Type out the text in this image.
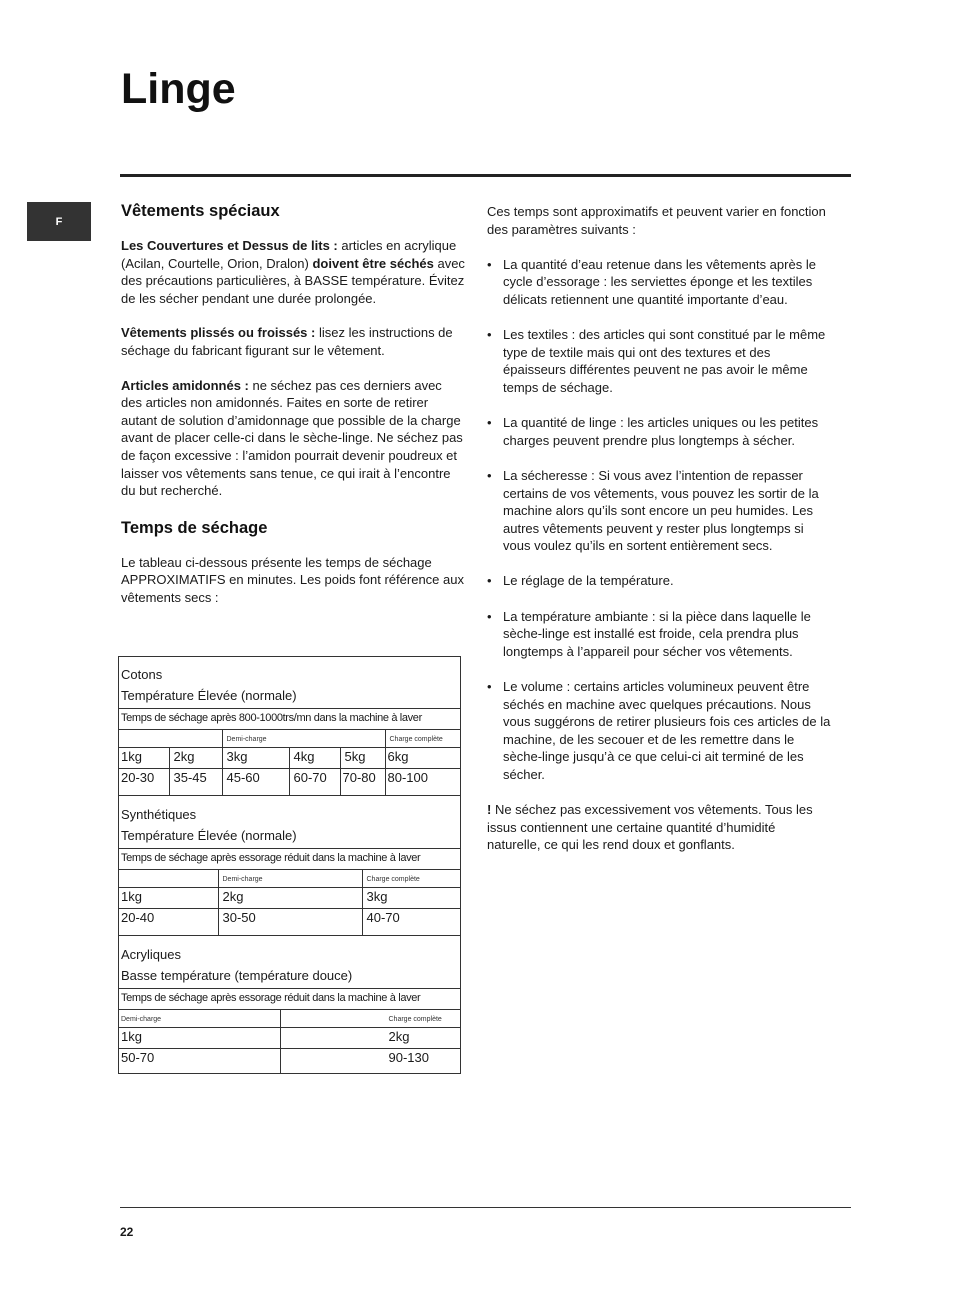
Linge
F
Vêtements spéciaux

Les Couvertures et Dessus de lits : articles en acrylique (Acilan, Courtelle, Orion, Dralon) doivent être séchés avec des précautions particulières, à BASSE température. Évitez de les sécher pendant une durée prolongée.

Vêtements plissés ou froissés : lisez les instructions de séchage du fabricant figurant sur le vêtement.

Articles amidonnés : ne séchez pas ces derniers avec des articles non amidonnés. Faites en sorte de retirer autant de solution d’amidonnage que possible de la charge avant de placer celle-ci dans le sèche-linge. Ne séchez pas de façon excessive : l’amidon pourrait devenir poudreux et laisser vos vêtements sans tenue, ce qui irait à l’encontre du but recherché.

Temps de séchage

Le tableau ci-dessous présente les temps de séchage APPROXIMATIFS en minutes. Les poids font référence aux vêtements secs :

Cotons
Température Élevée (normale)
Temps de séchage après 800-1000trs/mn dans la machine à laver
		Demi-charge			Charge complète
1kg	2kg	3kg	4kg	5kg	6kg
20-30	35-45	45-60	60-70	70-80	80-100
Synthétiques
Température Élevée (normale)
Temps de séchage après essorage réduit dans la machine à laver
	Demi-charge	Charge complète
1kg	2kg	3kg
20-40	30-50	40-70
Acryliques
Basse température (température douce)
Temps de séchage après essorage réduit dans la machine à laver
Demi-charge	Charge complète
1kg	2kg
50-70	90-130

Ces temps sont approximatifs et peuvent varier en fonction des paramètres suivants :

• La quantité d’eau retenue dans les vêtements après le cycle d’essorage : les serviettes éponge et les textiles délicats retiennent une quantité importante d’eau.
• Les textiles : des articles qui sont constitué par le même type de textile mais qui ont des textures et des épaisseurs différentes peuvent ne pas avoir le même temps de séchage.
• La quantité de linge : les articles uniques ou les petites charges peuvent prendre plus longtemps à sécher.
• La sécheresse : Si vous avez l’intention de repasser certains de vos vêtements, vous pouvez les sortir de la machine alors qu’ils sont encore un peu humides. Les autres vêtements peuvent y rester plus longtemps si vous voulez qu’ils en sortent entièrement secs.
• Le réglage de la température.
• La température ambiante : si la pièce dans laquelle le sèche-linge est installé est froide, cela prendra plus longtemps à l’appareil pour sécher vos vêtements.
• Le volume : certains articles volumineux peuvent être séchés en machine avec quelques précautions. Nous vous suggérons de retirer plusieurs fois ces articles de la machine, de les secouer et de les remettre dans le sèche-linge jusqu’à ce que celui-ci ait terminé de les sécher.

! Ne séchez pas excessivement vos vêtements. Tous les issus contiennent une certaine quantité d’humidité naturelle, ce qui les rend doux et gonflants.

22
